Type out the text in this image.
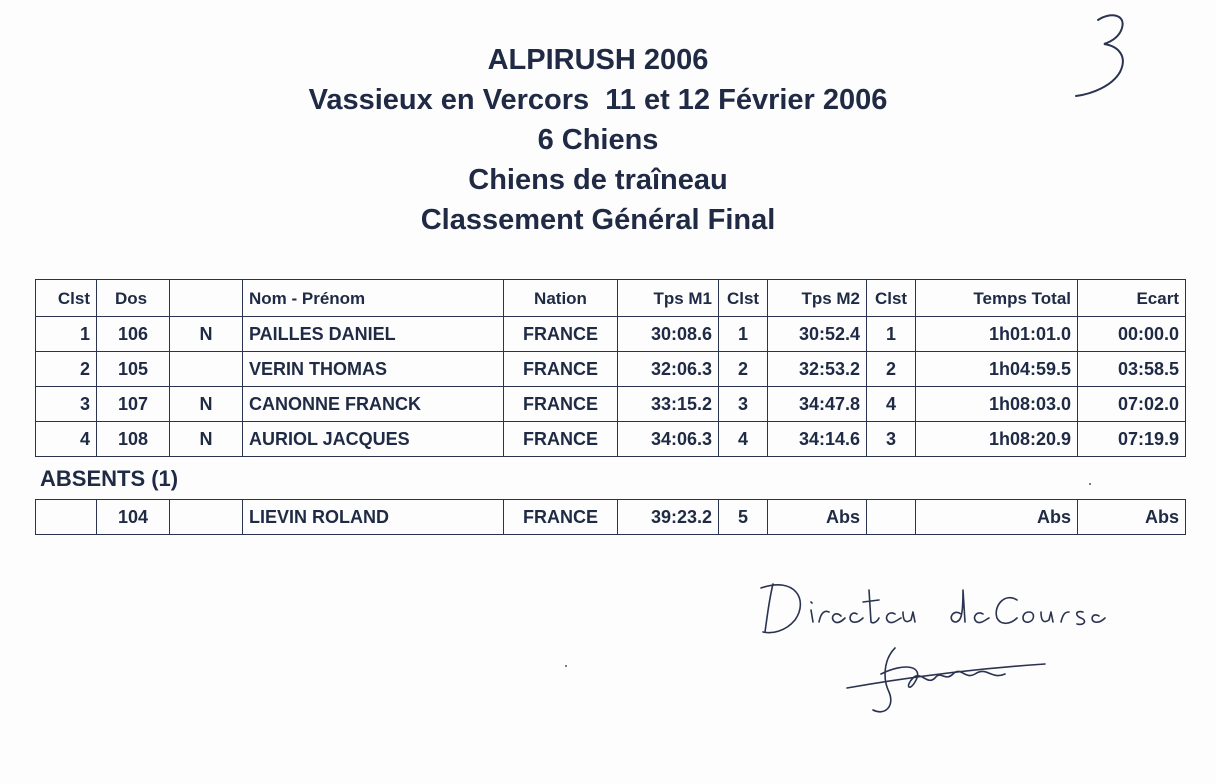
ALPIRUSH 2006
Vassieux en Vercors  11 et 12 Février 2006
6 Chiens
Chiens de traîneau
Classement Général Final
Clst	Dos		Nom - Prénom	Nation	Tps M1	Clst	Tps M2	Clst	Temps Total	Ecart
1	106	N	PAILLES DANIEL	FRANCE	30:08.6	1	30:52.4	1	1h01:01.0	00:00.0
2	105		VERIN THOMAS	FRANCE	32:06.3	2	32:53.2	2	1h04:59.5	03:58.5
3	107	N	CANONNE FRANCK	FRANCE	33:15.2	3	34:47.8	4	1h08:03.0	07:02.0
4	108	N	AURIOL JACQUES	FRANCE	34:06.3	4	34:14.6	3	1h08:20.9	07:19.9
ABSENTS (1)
	104		LIEVIN ROLAND	FRANCE	39:23.2	5	Abs		Abs	Abs
